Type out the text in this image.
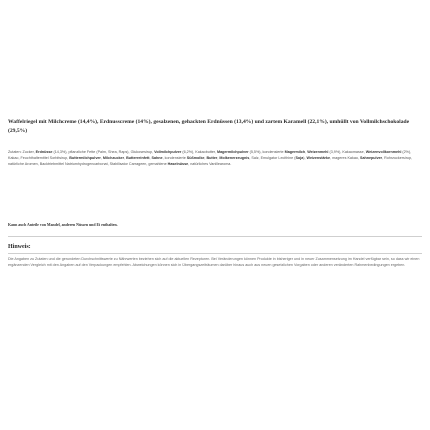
Waffelriegel mit Milchcreme (14,4%), Erdnusscreme (14%), gesalzenen, gehackten Erdnüssen (13,4%) und zartem Karamell (22,1%), umhüllt von Vollmilchschokolade (29,5%)
Zutaten: Zucker, Erdnüsse (14,3%), pflanzliche Fette (Palm, Shea, Raps), Glukosesirup, Vollmilchpulver (6,2%), Kakaobutter, Magermilchpulver (5,5%), kondensierte Magermilch, Weizenmehl (3,9%), Kakaomasse, Weizenvollkornmehl (2%), Kakao, Feuchthaltemittel Sorbitsirup, Buttermilchpulver, Milchzucker, Butterreinfett, Sahne, kondensierte Süßmolke, Butter, Molkenerzeugnis, Salz, Emulgator Lecithine (Soja), Weizenstärke, mageres Kakao, Sahnepulver, Rohrzuckersirup, natürliche Aromen, Backtriebmittel Natriumhydrogencarbonat, Stabilisator Carrageen, gemahlene Haselnüsse, natürliches Vanillearoma.
Kann auch Anteile von Mandel, anderen Nüssen und Ei enthalten.
Hinweis:
Die Angaben zu Zutaten und die gerundeten Durchschnittswerte zu Nährwerten beziehen sich auf die aktuellen Rezepturen. Bei Veränderungen können Produkte in bisheriger und in neuer Zusammensetzung im Handel verfügbar sein, so dass wir einen ergänzenden Vergleich mit den Angaben auf den Verpackungen empfehlen. Abweichungen können sich in Übergangszeiträumen darüber hinaus auch aus neuen gesetzlichen Vorgaben oder anderen veränderten Rahmenbedingungen ergeben.
